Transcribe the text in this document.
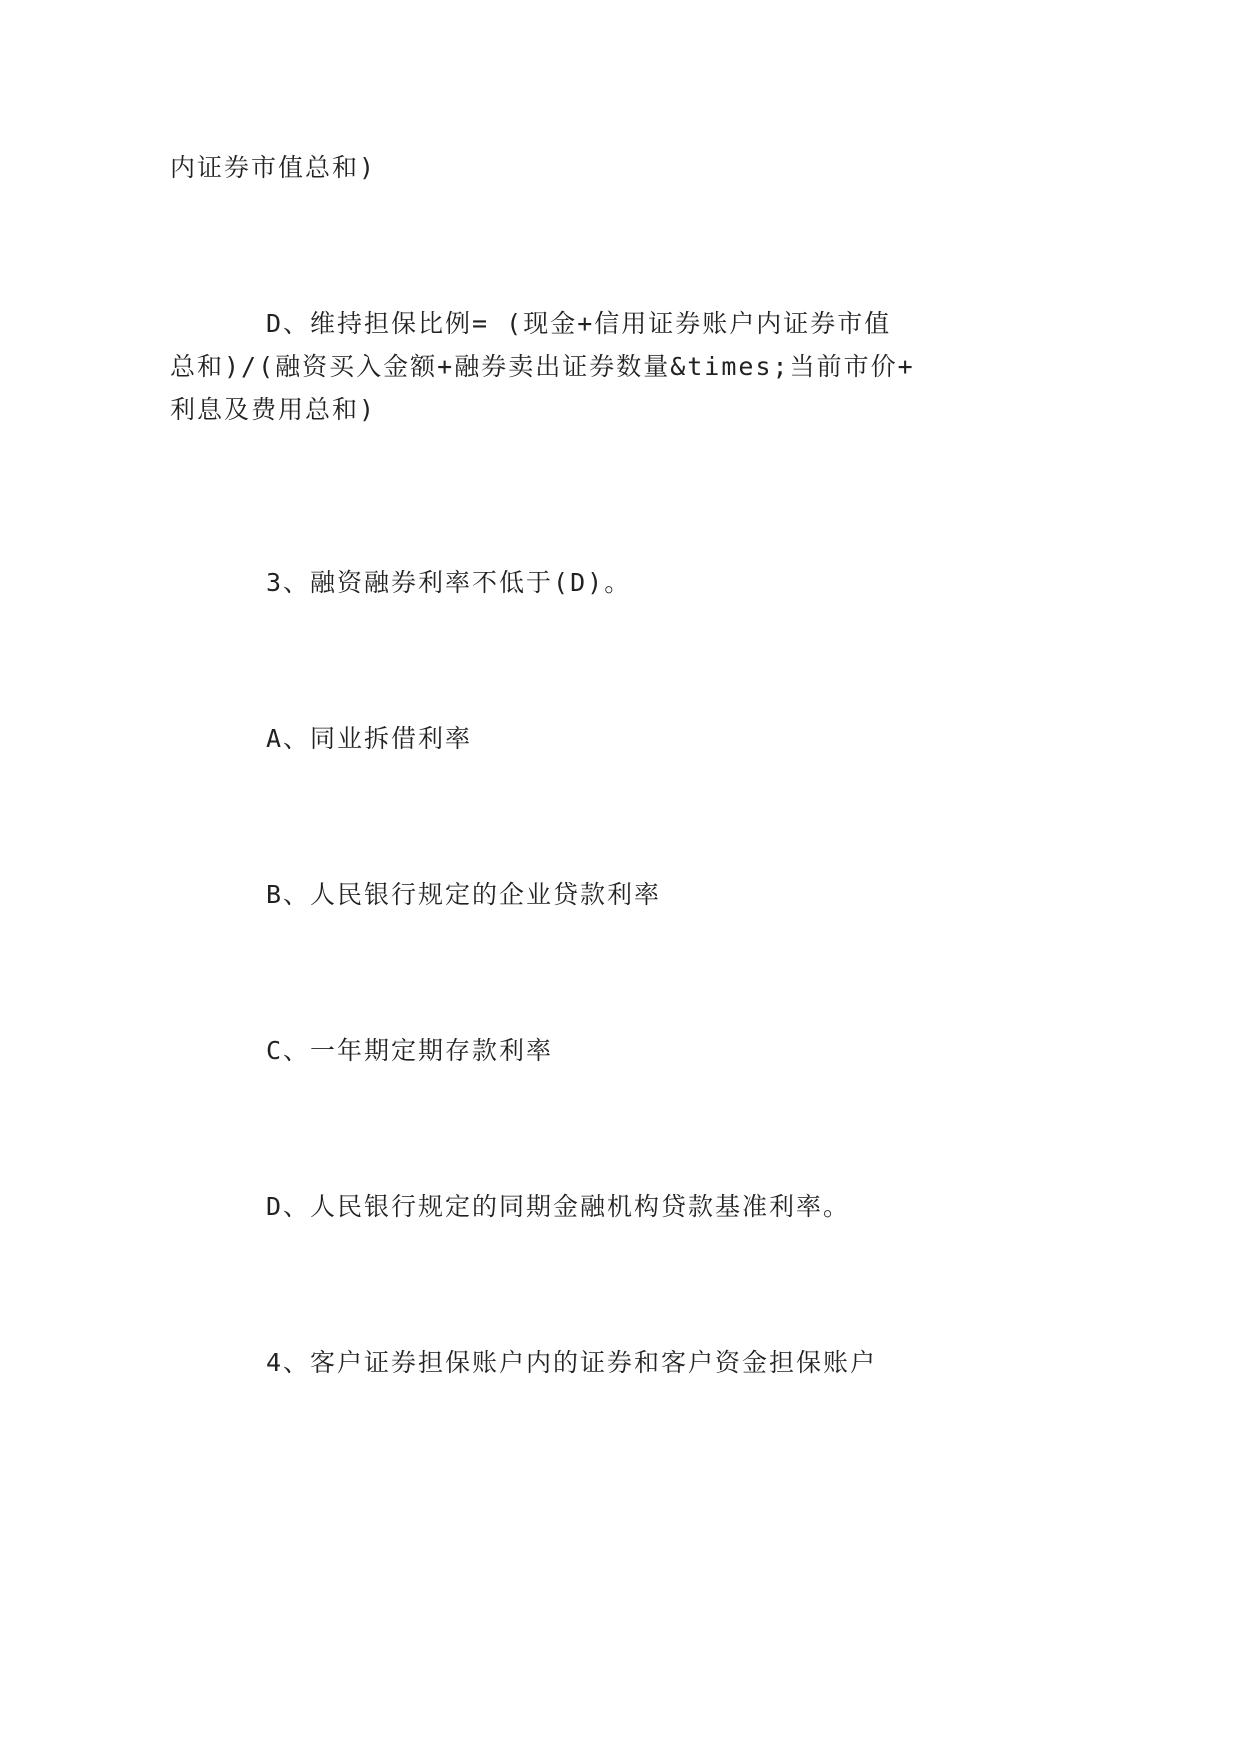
内证券市值总和)

D、维持担保比例= (现金+信用证券账户内证券市值
总和)/(融资买入金额+融券卖出证券数量&times;当前市价+
利息及费用总和)

3、融资融券利率不低于(D)。

A、同业拆借利率

B、人民银行规定的企业贷款利率

C、一年期定期存款利率

D、人民银行规定的同期金融机构贷款基准利率。

4、客户证券担保账户内的证券和客户资金担保账户
